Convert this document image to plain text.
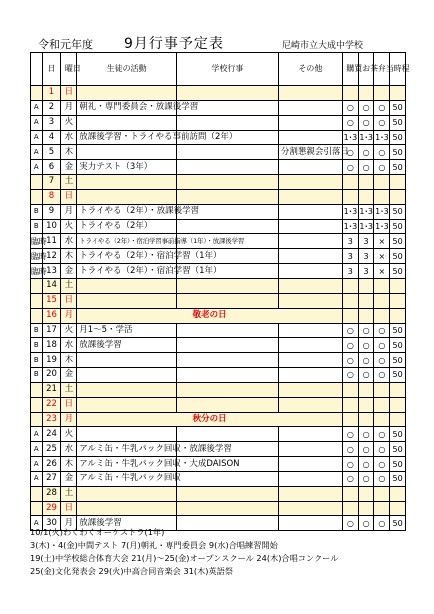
令和元年度 9月行事予定表	尼崎市立大成中学校
	日	曜日	生徒の活動	学校行事	その他	購買	お茶	弁当	時程
	1	日							
A	2	月	朝礼・専門委員会・放課後学習			○	○	○	50
A	3	火				○	○	○	50
A	4	水	放課後学習・トライやる事前訪問（2年）			1･3	1･3	1･3	50
A	5	木			分割懇親会引落日	○	○	○	50
A	6	金	実力テスト（3年）			○	○	○	50
	7	土							
	8	日							
B	9	月	トライやる（2年）・放課後学習			1･3	1･3	1･3	50
B	10	火	トライやる（2年）			1･3	1･3	1･3	50
臨時	11	水	トライやる（2年）・宿泊学習事前指導（1年）・放課後学習			3	3	×	50
臨時	12	木	トライやる（2年）・宿泊学習（1年）			3	3	×	50
臨時	13	金	トライやる（2年）・宿泊学習（1年）			3	3	×	50
	14	土							
	15	日							
	16	月	敬老の日						
B	17	火	月1～5・学活			○	○	○	50
B	18	水	放課後学習			○	○	○	50
B	19	木				○	○	○	50
B	20	金				○	○	○	50
	21	土							
	22	日							
	23	月	秋分の日						
A	24	火				○	○	○	50
A	25	水	アルミ缶・牛乳パック回収・放課後学習			○	○	○	50
A	26	木	アルミ缶・牛乳パック回収・大成DAISON			○	○	○	50
A	27	金	アルミ缶・牛乳パック回収			○	○	○	50
	28	土							
	29	日							
A	30	月	放課後学習			○	○	○	50
10/1(火)わくわくオーケストラ(1年)
3(木)・4(金)中間テスト 7(月)朝礼・専門委員会 9(水)合唱練習開始
19(土)中学校総合体育大会 21(月)～25(金)オープンスクール 24(木)合唱コンクール
25(金)文化発表会 29(火)中高合同音楽会 31(木)英語祭
